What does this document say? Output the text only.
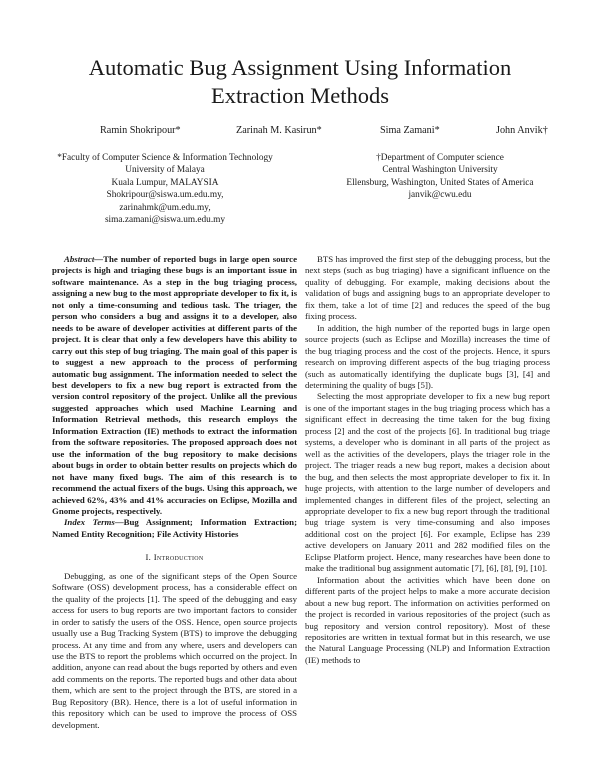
Automatic Bug Assignment Using Information Extraction Methods
Ramin Shokripour*	Zarinah M. Kasirun*	Sima Zamani*	John Anvik†
*Faculty of Computer Science & Information Technology
University of Malaya
Kuala Lumpur, MALAYSIA
Shokripour@siswa.um.edu.my,
zarinahmk@um.edu.my,
sima.zamani@siswa.um.edu.my
†Department of Computer science
Central Washington University
Ellensburg, Washington, United States of America
janvik@cwu.edu

Abstract—The number of reported bugs in large open source projects is high and triaging these bugs is an important issue in software maintenance. As a step in the bug triaging process, assigning a new bug to the most appropriate developer to fix it, is not only a time-consuming and tedious task. The triager, the person who considers a bug and assigns it to a developer, also needs to be aware of developer activities at different parts of the project. It is clear that only a few developers have this ability to carry out this step of bug triaging. The main goal of this paper is to suggest a new approach to the process of performing automatic bug assignment. The information needed to select the best developers to fix a new bug report is extracted from the version control repository of the project. Unlike all the previous suggested approaches which used Machine Learning and Information Retrieval methods, this research employs the Information Extraction (IE) methods to extract the information from the software repositories. The proposed approach does not use the information of the bug repository to make decisions about bugs in order to obtain better results on projects which do not have many fixed bugs. The aim of this research is to recommend the actual fixers of the bugs. Using this approach, we achieved 62%, 43% and 41% accuracies on Eclipse, Mozilla and Gnome projects, respectively.

Index Terms—Bug Assignment; Information Extraction; Named Entity Recognition; File Activity Histories

I. Introduction

Debugging, as one of the significant steps of the Open Source Software (OSS) development process, has a considerable effect on the quality of the projects [1]. The speed of the debugging and easy access for users to bug reports are two important factors to consider in order to satisfy the users of the OSS. Hence, open source projects usually use a Bug Tracking System (BTS) to improve the debugging process. At any time and from any where, users and developers can use the BTS to report the problems which occurred on the project. In addition, anyone can read about the bugs reported by others and even add comments on the reports. The reported bugs and other data about them, which are sent to the project through the BTS, are stored in a Bug Repository (BR). Hence, there is a lot of useful information in this repository which can be used to improve the process of OSS development.

BTS has improved the first step of the debugging process, but the next steps (such as bug triaging) have a significant influence on the quality of debugging. For example, making decisions about the validation of bugs and assigning bugs to an appropriate developer to fix them, take a lot of time [2] and reduces the speed of the bug fixing process.

In addition, the high number of the reported bugs in large open source projects (such as Eclipse and Mozilla) increases the time of the bug triaging process and the cost of the projects. Hence, it spurs research on improving different aspects of the bug triaging process (such as automatically identifying the duplicate bugs [3], [4] and determining the quality of bugs [5]).

Selecting the most appropriate developer to fix a new bug report is one of the important stages in the bug triaging process which has a significant effect in decreasing the time taken for the bug fixing process [2] and the cost of the projects [6]. In traditional bug triage systems, a developer who is dominant in all parts of the project as well as the activities of the developers, plays the triager role in the project. The triager reads a new bug report, makes a decision about the bug, and then selects the most appropriate developer to fix it. In huge projects, with attention to the large number of developers and implemented changes in different files of the project, selecting an appropriate developer to fix a new bug report through the traditional bug triage system is very time-consuming and also imposes additional cost on the project [6]. For example, Eclipse has 239 active developers on January 2011 and 282 modified files on the Eclipse Platform project. Hence, many researches have been done to make the traditional bug assignment automatic [7], [6], [8], [9], [10].

Information about the activities which have been done on different parts of the project helps to make a more accurate decision about a new bug report. The information on activities performed on the project is recorded in various repositories of the project (such as bug repository and version control repository). Most of these repositories are written in textual format but in this research, we use the Natural Language Processing (NLP) and Information Extraction (IE) methods to
